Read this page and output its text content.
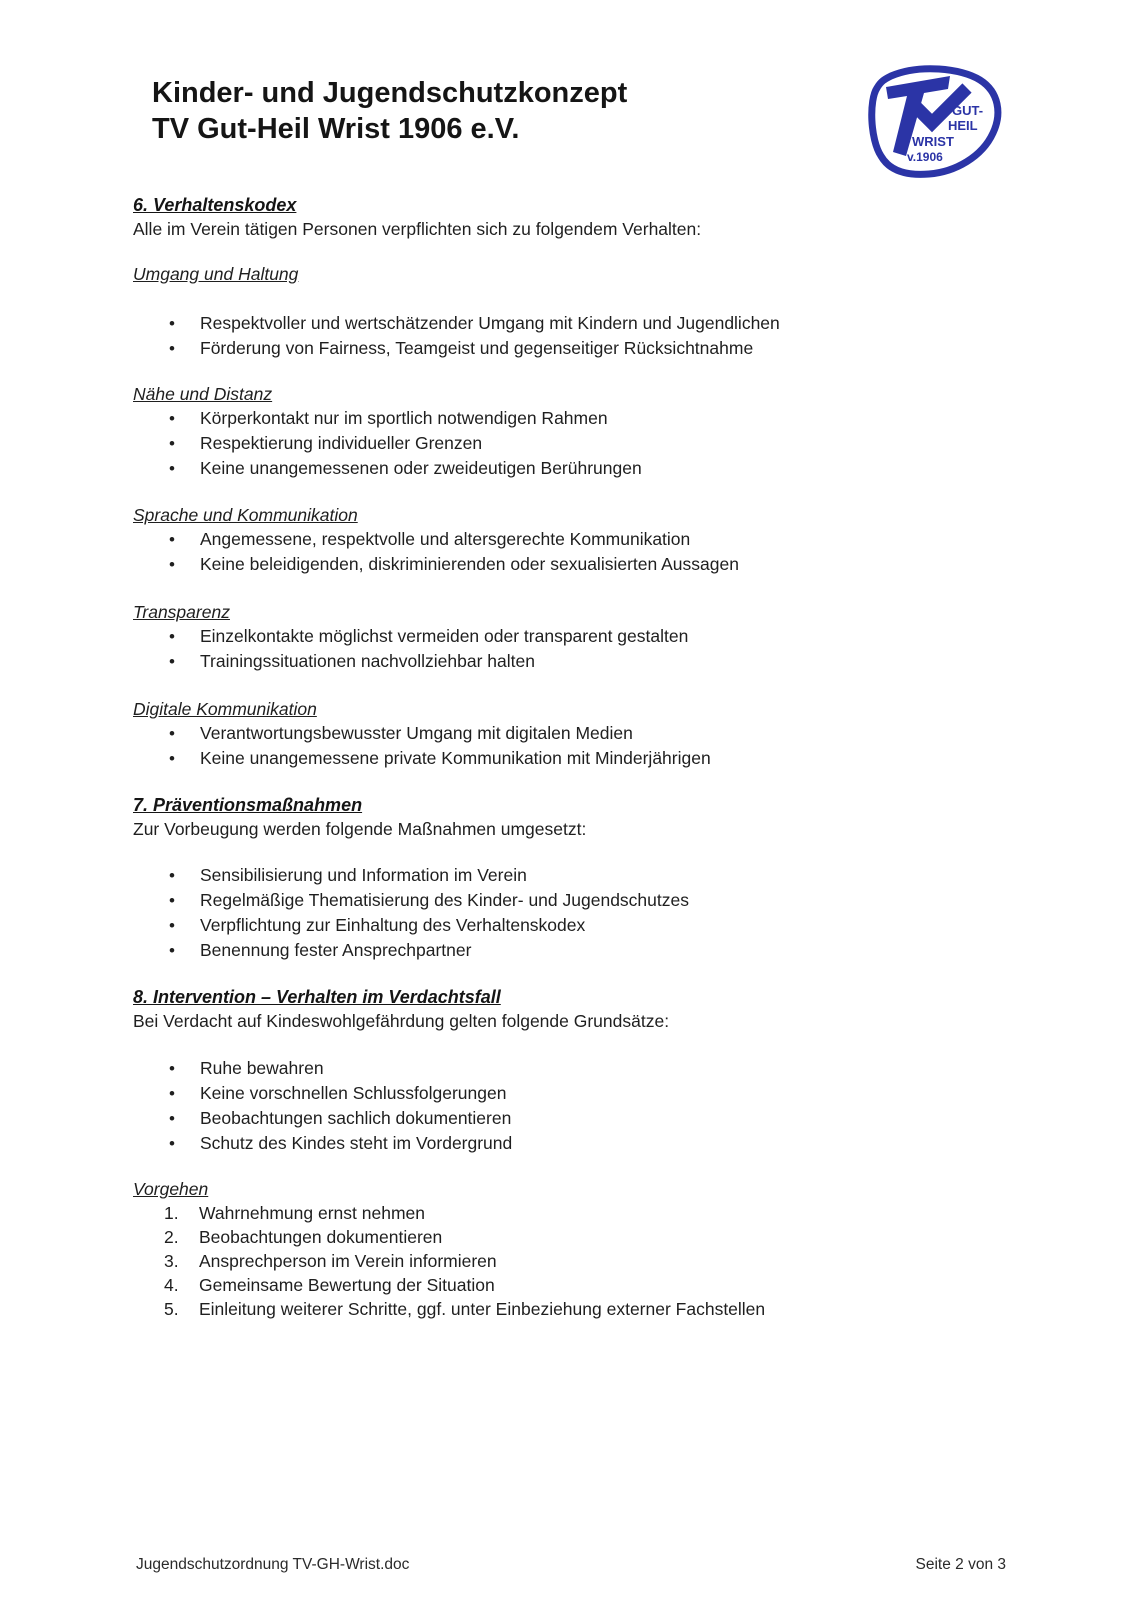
GUT-
HEIL
WRIST
v.1906
Kinder- und Jugendschutzkonzept
TV Gut-Heil Wrist 1906 e.V.
6. Verhaltenskodex
Alle im Verein tätigen Personen verpflichten sich zu folgendem Verhalten:
Umgang und Haltung
•
Respektvoller und wertschätzender Umgang mit Kindern und Jugendlichen
•
Förderung von Fairness, Teamgeist und gegenseitiger Rücksichtnahme
Nähe und Distanz
•
Körperkontakt nur im sportlich notwendigen Rahmen
•
Respektierung individueller Grenzen
•
Keine unangemessenen oder zweideutigen Berührungen
Sprache und Kommunikation
•
Angemessene, respektvolle und altersgerechte Kommunikation
•
Keine beleidigenden, diskriminierenden oder sexualisierten Aussagen
Transparenz
•
Einzelkontakte möglichst vermeiden oder transparent gestalten
•
Trainingssituationen nachvollziehbar halten
Digitale Kommunikation
•
Verantwortungsbewusster Umgang mit digitalen Medien
•
Keine unangemessene private Kommunikation mit Minderjährigen
7. Präventionsmaßnahmen
Zur Vorbeugung werden folgende Maßnahmen umgesetzt:
•
Sensibilisierung und Information im Verein
•
Regelmäßige Thematisierung des Kinder- und Jugendschutzes
•
Verpflichtung zur Einhaltung des Verhaltenskodex
•
Benennung fester Ansprechpartner
8. Intervention – Verhalten im Verdachtsfall
Bei Verdacht auf Kindeswohlgefährdung gelten folgende Grundsätze:
•
Ruhe bewahren
•
Keine vorschnellen Schlussfolgerungen
•
Beobachtungen sachlich dokumentieren
•
Schutz des Kindes steht im Vordergrund
Vorgehen
1.	Wahrnehmung ernst nehmen
2.	Beobachtungen dokumentieren
3.	Ansprechperson im Verein informieren
4.	Gemeinsame Bewertung der Situation
5.	Einleitung weiterer Schritte, ggf. unter Einbeziehung externer Fachstellen
Jugendschutzordnung TV-GH-Wrist.doc	Seite 2 von 3
